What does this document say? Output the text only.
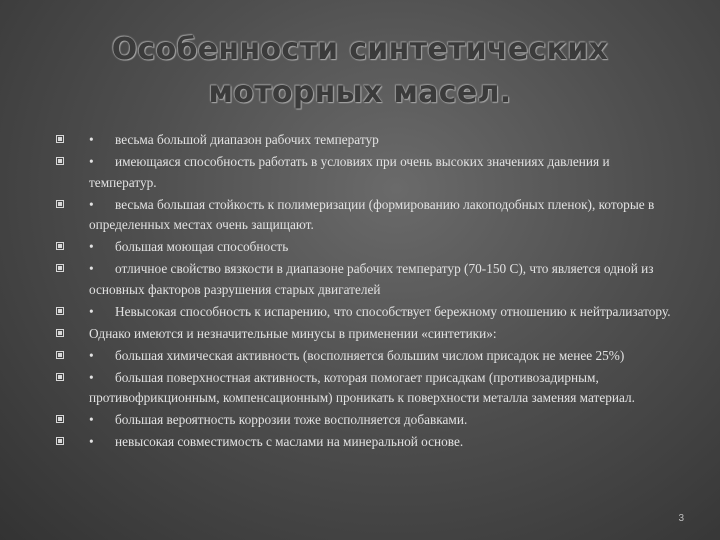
Особенности синтетических моторных масел.
• весьма большой диапазон рабочих температур
• имеющаяся способность работать в условиях при очень высоких значениях давления и температур.
• весьма большая стойкость к полимеризации (формированию лакоподобных пленок), которые в определенных местах очень защищают.
• большая моющая способность
• отличное свойство вязкости в диапазоне рабочих температур (70-150 С), что является одной из основных факторов разрушения старых двигателей
• Невысокая способность к испарению, что способствует бережному отношению к нейтрализатору.
Однако имеются и незначительные минусы в применении «синтетики»:
• большая химическая активность (восполняется большим числом присадок не менее 25%)
• большая поверхностная активность, которая помогает присадкам (противозадирным, противофрикционным, компенсационным) проникать к поверхности металла заменяя материал.
• большая вероятность коррозии тоже восполняется добавками.
• невысокая совместимость с маслами на минеральной основе.
3
